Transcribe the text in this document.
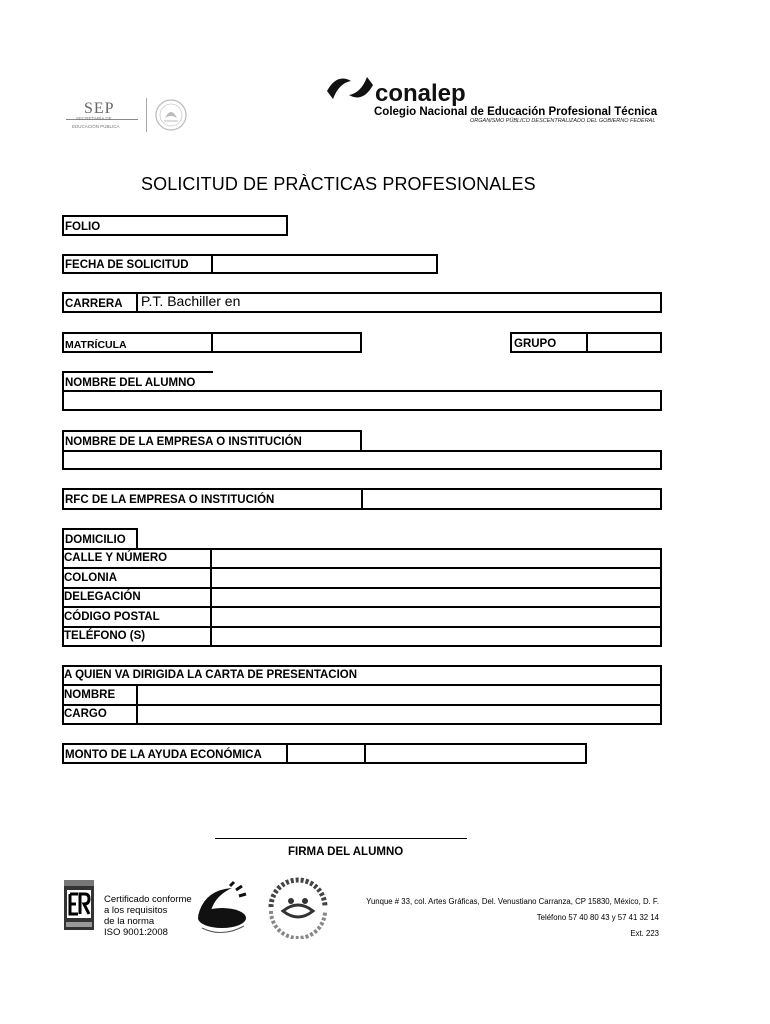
SEP
SECRETARÍA DE
EDUCACIÓN PÚBLICA
conalep
Colegio Nacional de Educación Profesional Técnica
ORGANISMO PÚBLICO DESCENTRALIZADO DEL GOBIERNO FEDERAL
SOLICITUD DE PRÀCTICAS PROFESIONALES
FOLIO
FECHA DE SOLICITUD
CARRERA P.T. Bachiller en
MATRÍCULA	GRUPO
NOMBRE DEL ALUMNO
NOMBRE DE LA EMPRESA O INSTITUCIÓN
RFC DE LA EMPRESA O INSTITUCIÓN
DOMICILIO
CALLE Y NÚMERO
COLONIA
DELEGACIÓN
CÓDIGO POSTAL
TELÉFONO (S)
A QUIEN VA DIRIGIDA LA CARTA DE PRESENTACION
NOMBRE
CARGO
MONTO DE LA AYUDA ECONÓMICA
FIRMA DEL ALUMNO
Certificado conforme
a los requisitos
de la norma
ISO 9001:2008
Yunque # 33, col. Artes Gráficas, Del. Venustiano Carranza, CP 15830, México, D. F.
Teléfono 57 40 80 43 y 57 41 32 14
Ext. 223
